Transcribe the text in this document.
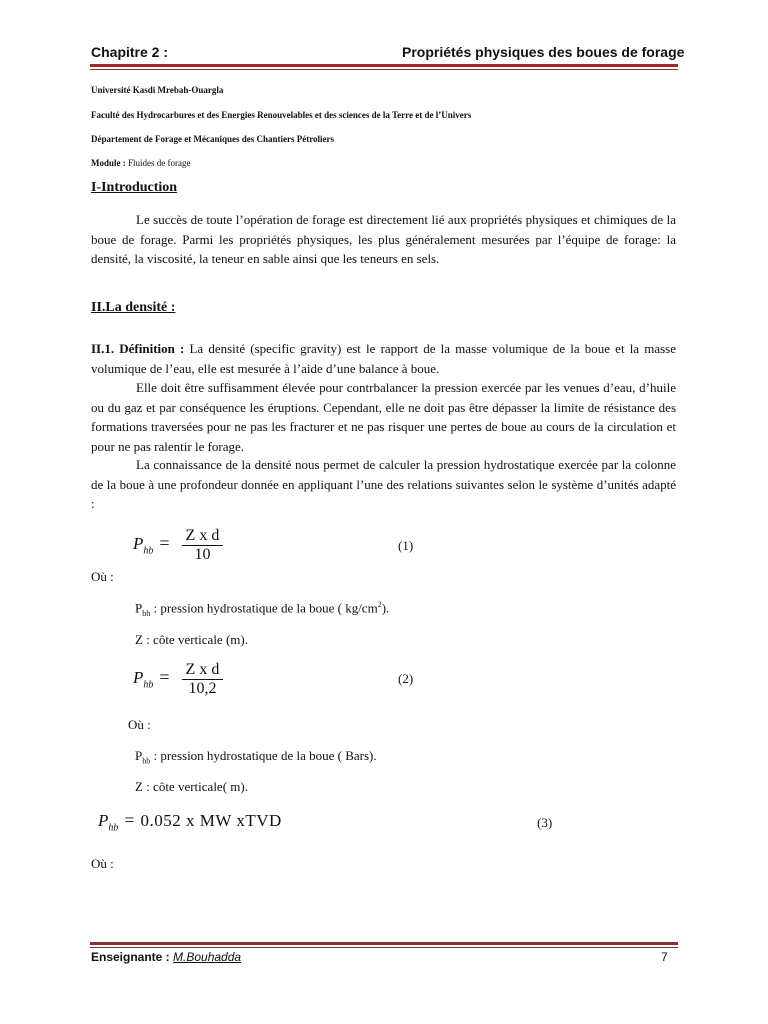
Chapitre 2 :	Propriétés physiques des boues de forage
Université Kasdi Mrebah-Ouargla
Faculté des Hydrocarbures et des Energies Renouvelables et des sciences de la Terre et de l’Univers
Département de Forage et Mécaniques des Chantiers Pétroliers
Module : Fluides de forage
I-Introduction
Le succès de toute l’opération de forage est directement lié aux propriétés physiques et chimiques de la boue de forage. Parmi les propriétés physiques, les plus généralement mesurées par l’équipe de forage: la densité, la viscosité, la teneur en sable ainsi que les teneurs en sels.
II.La densité :
II.1. Définition : La densité (specific gravity) est le rapport de la masse volumique de la boue et la masse volumique de l’eau, elle est mesurée à l’aide d’une balance à boue.
Elle doit être suffisamment élevée pour contrbalancer la pression exercée par les venues d’eau, d’huile ou du gaz et par conséquence les éruptions. Cependant, elle ne doit pas être dépasser la limite de résistance des formations traversées pour ne pas les fracturer et ne pas risquer une pertes de boue au cours de la circulation et pour ne pas ralentir le forage.
La connaissance de la densité nous permet de calculer la pression hydrostatique exercée par la colonne de la boue à une profondeur donnée en appliquant l’une des relations suivantes selon le système d’unités adapté :
$P_{hb} = \frac{\text{Z x d}}{10}$	(1)
Où :
$P_{bh}$ : pression hydrostatique de la boue ( $kg/cm^2$).
Z : côte verticale (m).
$P_{hb} = \frac{\text{Z x d}}{10,2}$	(2)
Où :
$P_{hb}$ : pression hydrostatique de la boue ( Bars).
Z : côte verticale( m).
$P_{hb} = 0.052$ x MW xTVD	(3)
Où :
Enseignante : M.Bouhadda	7
